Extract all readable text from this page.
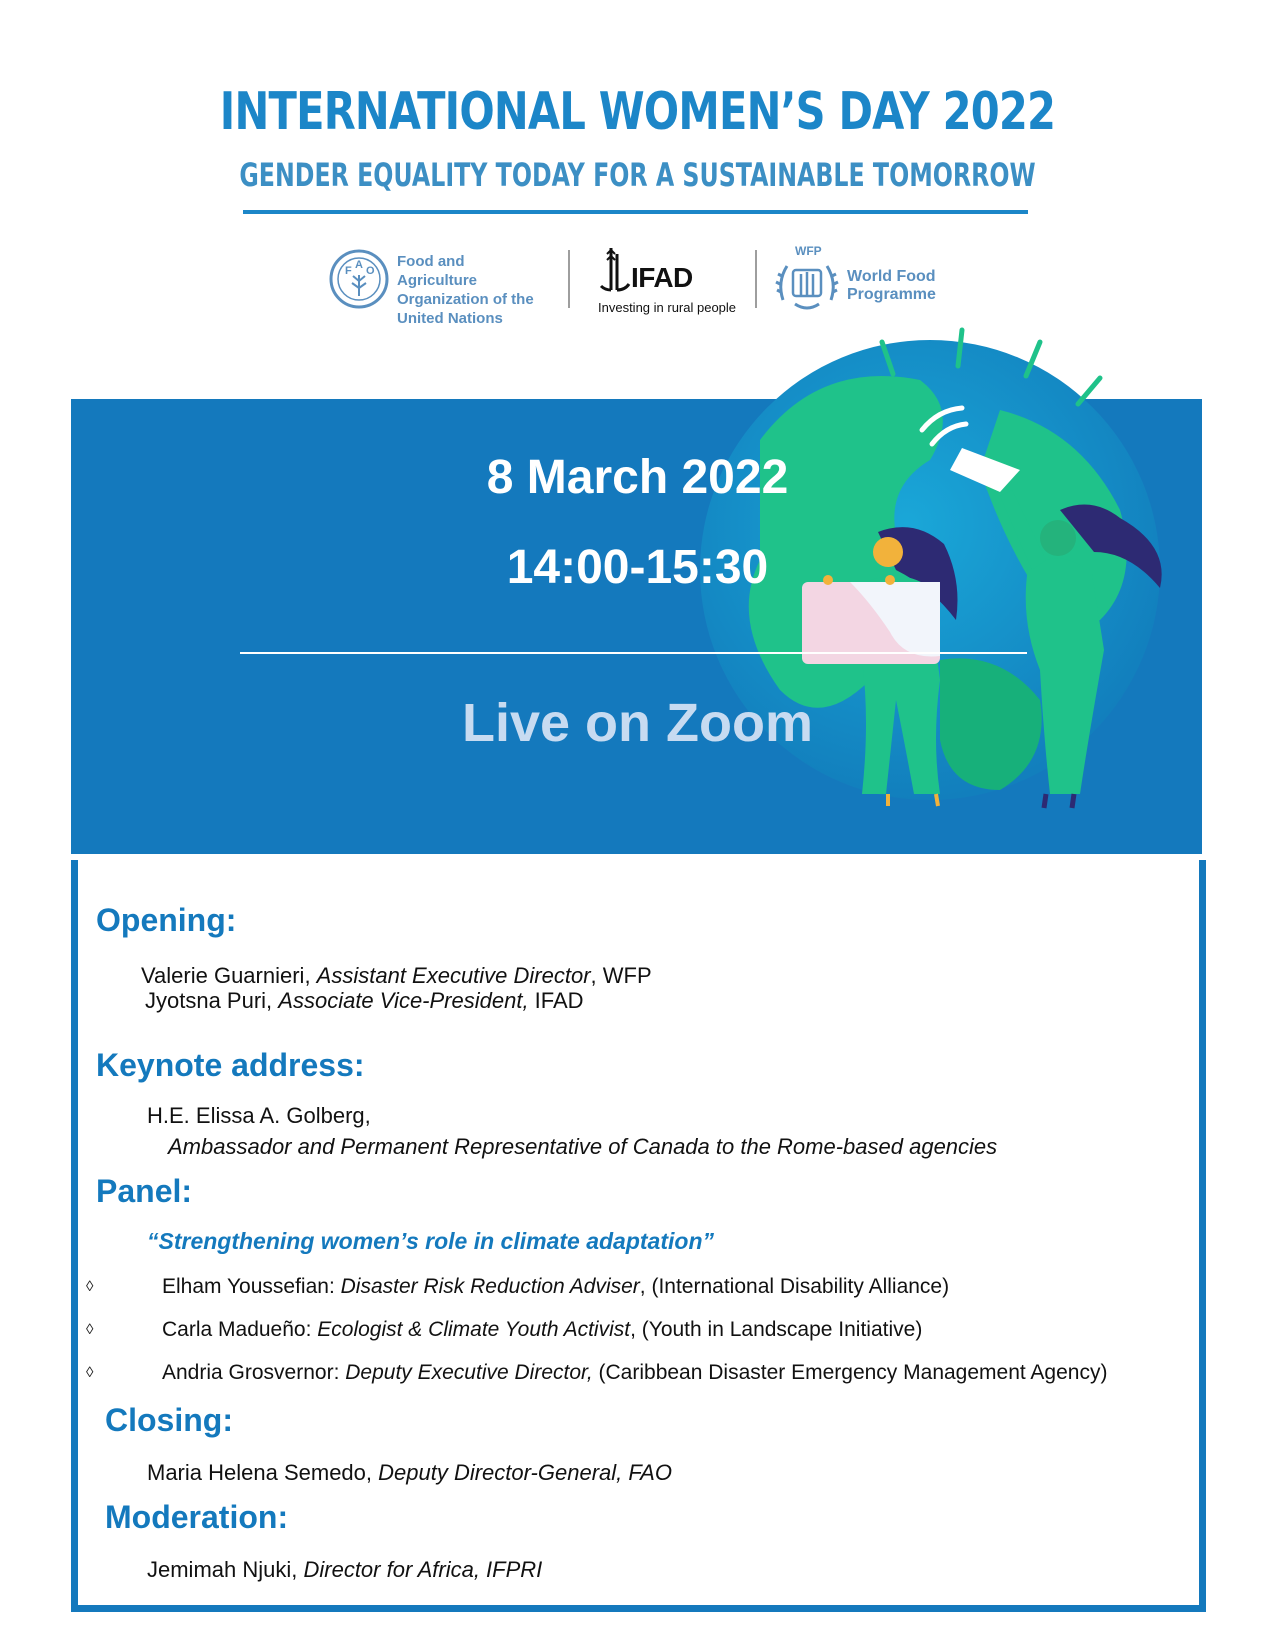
INTERNATIONAL WOMEN’S DAY 2022
GENDER EQUALITY TODAY FOR A SUSTAINABLE TOMORROW
F A O
Food and Agriculture
Organization of the
United Nations
IFAD
Investing in rural people
WFP
World Food
Programme
8 March 2022
14:00-15:30
Live on Zoom
Opening:
Valerie Guarnieri, Assistant Executive Director, WFP
Jyotsna Puri, Associate Vice-President, IFAD
Keynote address:
H.E. Elissa A. Golberg,
Ambassador and Permanent Representative of Canada to the Rome-based agencies
Panel:
“Strengthening women’s role in climate adaptation”
◊	Elham Youssefian: Disaster Risk Reduction Adviser, (International Disability Alliance)
◊	Carla Madueño: Ecologist & Climate Youth Activist, (Youth in Landscape Initiative)
◊	Andria Grosvernor: Deputy Executive Director, (Caribbean Disaster Emergency Management Agency)
Closing:
Maria Helena Semedo, Deputy Director-General, FAO
Moderation:
Jemimah Njuki, Director for Africa, IFPRI
